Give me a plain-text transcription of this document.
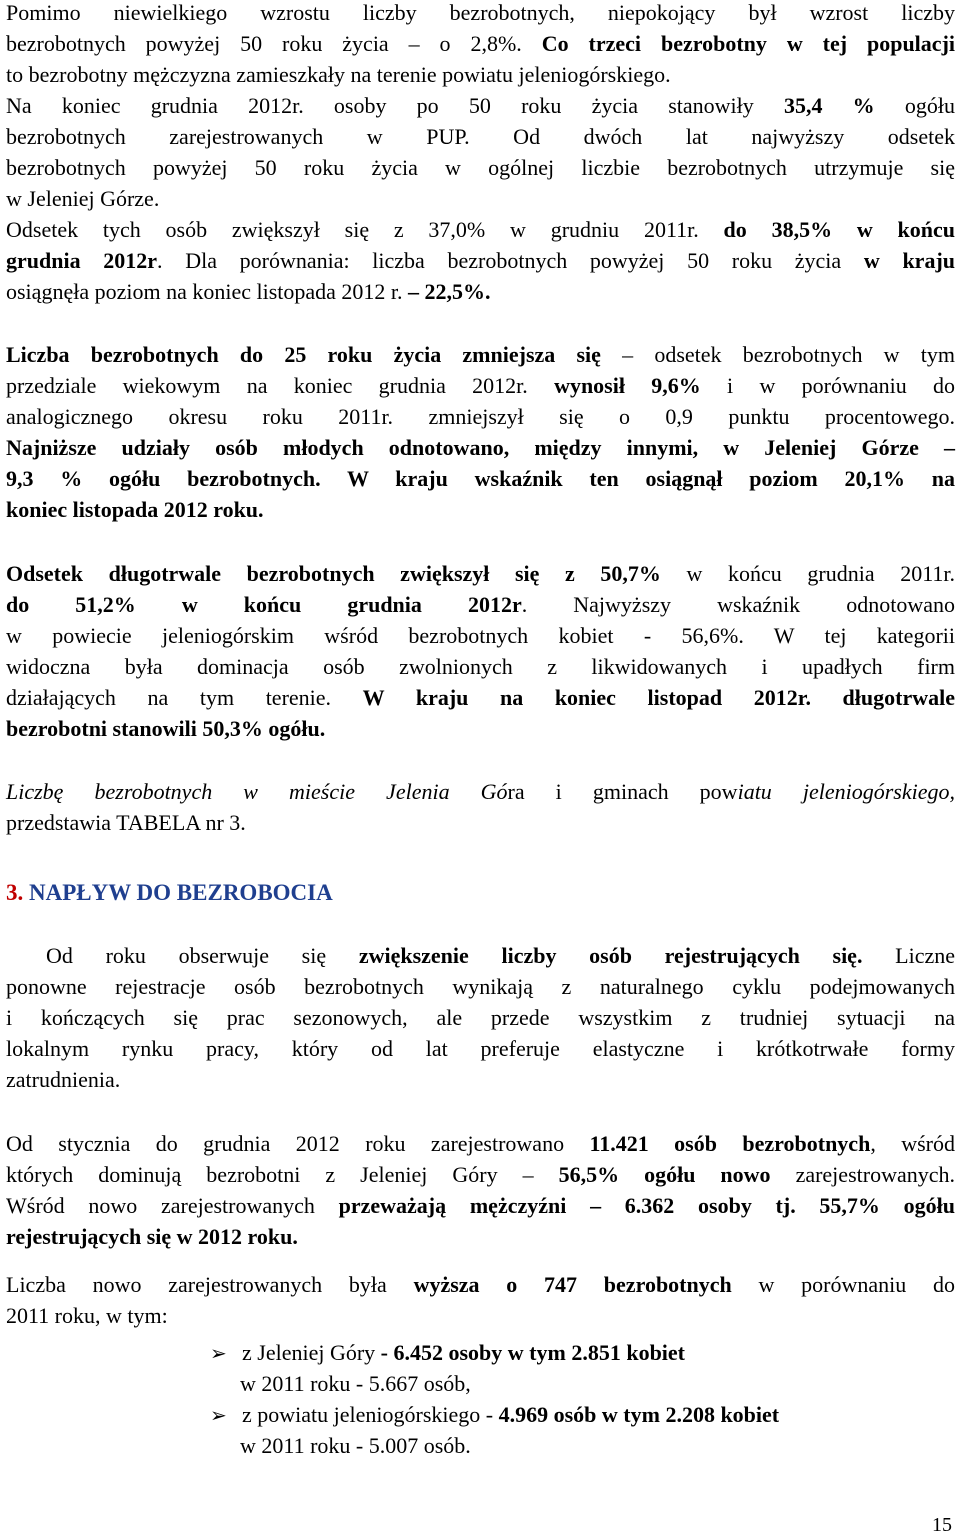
Pomimo niewielkiego wzrostu liczby bezrobotnych, niepokojący był wzrost liczby
bezrobotnych powyżej 50 roku życia – o 2,8%. Co trzeci bezrobotny w tej populacji
to bezrobotny mężczyzna zamieszkały na terenie powiatu jeleniogórskiego.
Na koniec grudnia 2012r. osoby po 50 roku życia stanowiły 35,4 % ogółu
bezrobotnych zarejestrowanych w PUP. Od dwóch lat najwyższy odsetek
bezrobotnych powyżej 50 roku życia w ogólnej liczbie bezrobotnych utrzymuje się
w Jeleniej Górze.
Odsetek tych osób zwiększył się z 37,0% w grudniu 2011r. do 38,5% w końcu
grudnia 2012r. Dla porównania: liczba bezrobotnych powyżej 50 roku życia w kraju
osiągnęła poziom na koniec listopada 2012 r. – 22,5%.
Liczba bezrobotnych do 25 roku życia zmniejsza się – odsetek bezrobotnych w tym
przedziale wiekowym na koniec grudnia 2012r. wynosił 9,6% i w porównaniu do
analogicznego okresu roku 2011r. zmniejszył się o 0,9 punktu procentowego.
Najniższe udziały osób młodych odnotowano, między innymi, w Jeleniej Górze –
9,3 % ogółu bezrobotnych. W kraju wskaźnik ten osiągnął poziom 20,1% na
koniec listopada 2012 roku.
Odsetek długotrwale bezrobotnych zwiększył się z 50,7% w końcu grudnia 2011r.
do 51,2% w końcu grudnia 2012r. Najwyższy wskaźnik odnotowano
w powiecie jeleniogórskim wśród bezrobotnych kobiet - 56,6%. W tej kategorii
widoczna była dominacja osób zwolnionych z likwidowanych i upadłych firm
działających na tym terenie. W kraju na koniec listopad 2012r. długotrwale
bezrobotni stanowili 50,3% ogółu.
Liczbę bezrobotnych w mieście Jelenia Góra i gminach powiatu jeleniogórskiego,
przedstawia TABELA nr 3.
3. NAPŁYW DO BEZROBOCIA
Od roku obserwuje się zwiększenie liczby osób rejestrujących się. Liczne
ponowne rejestracje osób bezrobotnych wynikają z naturalnego cyklu podejmowanych
i kończących się prac sezonowych, ale przede wszystkim z trudniej sytuacji na
lokalnym rynku pracy, który od lat preferuje elastyczne i krótkotrwałe formy
zatrudnienia.
Od stycznia do grudnia 2012 roku zarejestrowano 11.421 osób bezrobotnych, wśród
których dominują bezrobotni z Jeleniej Góry – 56,5% ogółu nowo zarejestrowanych.
Wśród nowo zarejestrowanych przeważają mężczyźni – 6.362 osoby tj. 55,7% ogółu
rejestrujących się w 2012 roku.
Liczba nowo zarejestrowanych była wyższa o 747 bezrobotnych w porównaniu do
2011 roku, w tym:
➢ z Jeleniej Góry - 6.452 osoby w tym 2.851 kobiet
w 2011 roku - 5.667 osób,
➢ z powiatu jeleniogórskiego - 4.969 osób w tym 2.208 kobiet
w 2011 roku - 5.007 osób.
15
